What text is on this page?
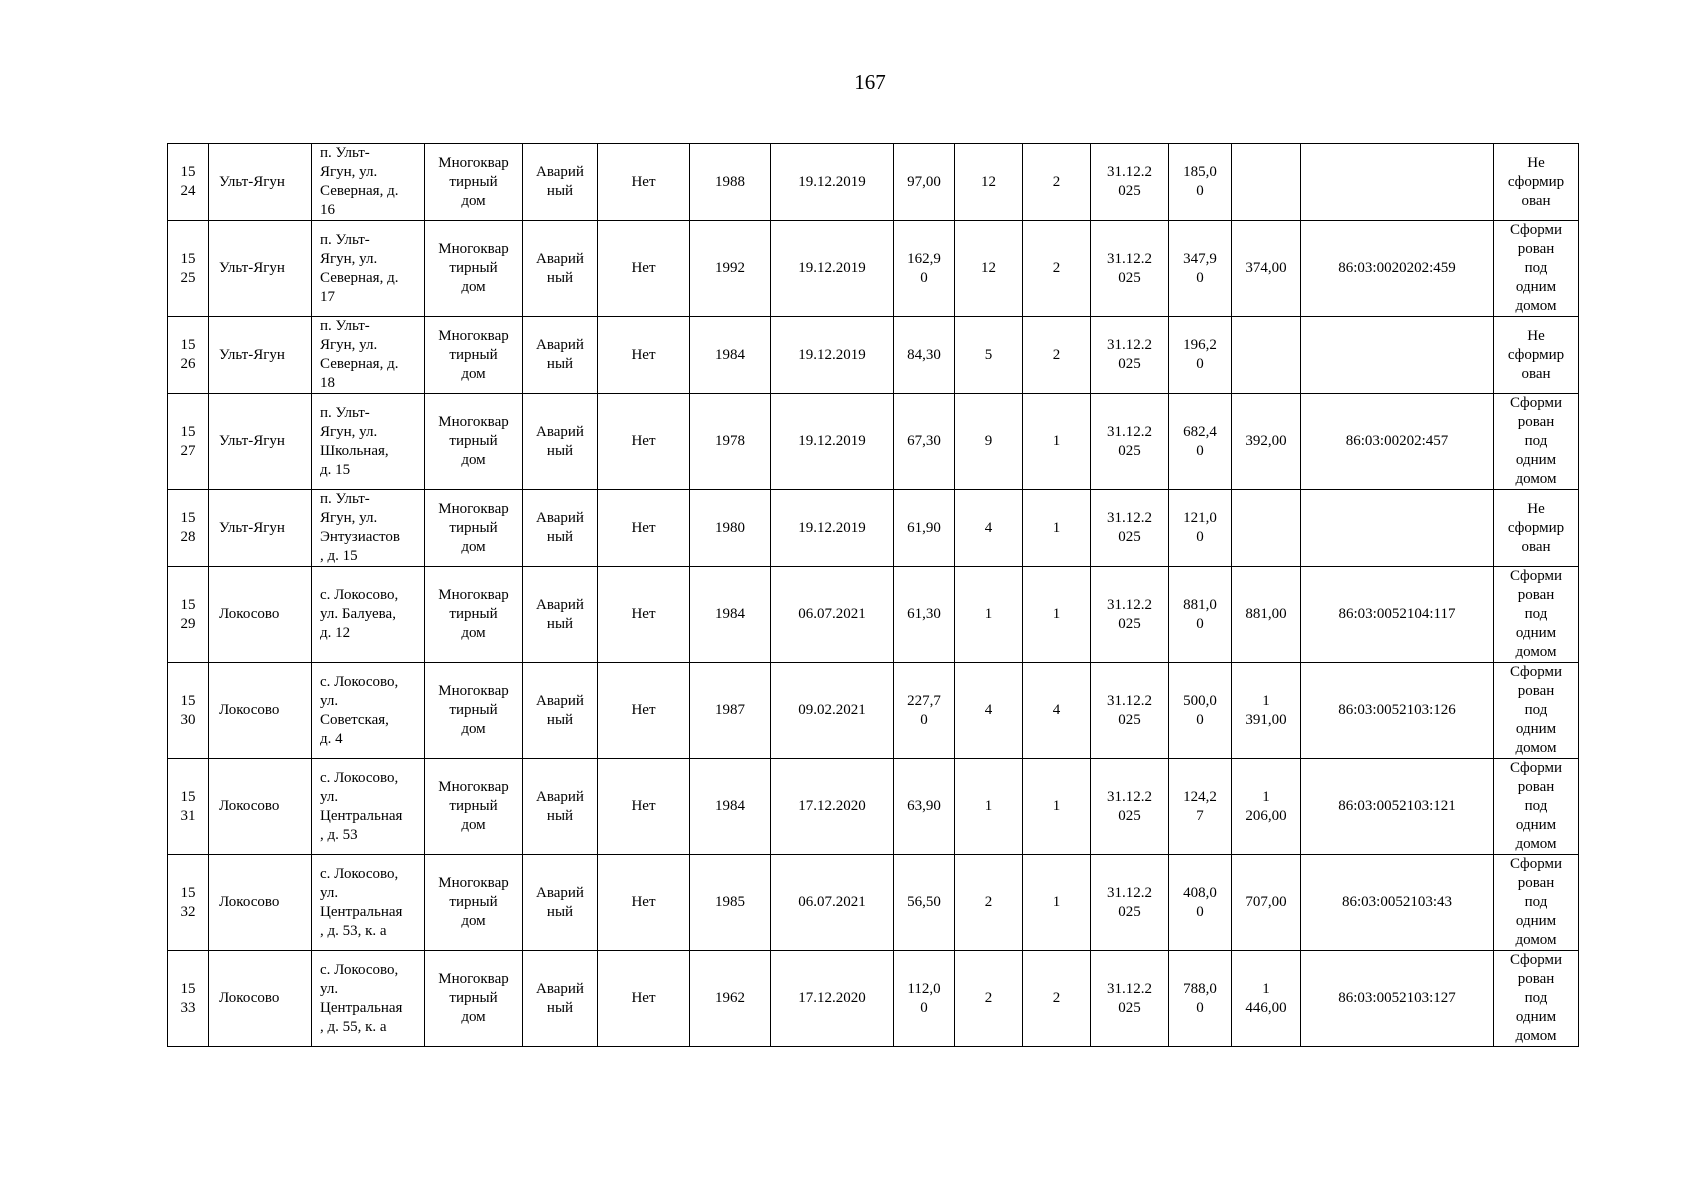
167
15
24	Ульт-Ягун	п. Ульт-
Ягун, ул.
Северная, д.
16	Многоквар
тирный
дом	Аварий
ный	Нет	1988	19.12.2019	97,00	12	2	31.12.2
025	185,0
0			Не
сформир
ован

15
25	Ульт-Ягун	п. Ульт-
Ягун, ул.
Северная, д.
17	Многоквар
тирный
дом	Аварий
ный	Нет	1992	19.12.2019	162,9
0	12	2	31.12.2
025	347,9
0	374,00	86:03:0020202:459	Сформи
рован
под
одним
домом

15
26	Ульт-Ягун	п. Ульт-
Ягун, ул.
Северная, д.
18	Многоквар
тирный
дом	Аварий
ный	Нет	1984	19.12.2019	84,30	5	2	31.12.2
025	196,2
0			Не
сформир
ован

15
27	Ульт-Ягун	п. Ульт-
Ягун, ул.
Школьная,
д. 15	Многоквар
тирный
дом	Аварий
ный	Нет	1978	19.12.2019	67,30	9	1	31.12.2
025	682,4
0	392,00	86:03:00202:457	Сформи
рован
под
одним
домом

15
28	Ульт-Ягун	п. Ульт-
Ягун, ул.
Энтузиастов
, д. 15	Многоквар
тирный
дом	Аварий
ный	Нет	1980	19.12.2019	61,90	4	1	31.12.2
025	121,0
0			Не
сформир
ован

15
29	Локосово	с. Локосово,
ул. Балуева,
д. 12	Многоквар
тирный
дом	Аварий
ный	Нет	1984	06.07.2021	61,30	1	1	31.12.2
025	881,0
0	881,00	86:03:0052104:117	Сформи
рован
под
одним
домом

15
30	Локосово	с. Локосово,
ул.
Советская,
д. 4	Многоквар
тирный
дом	Аварий
ный	Нет	1987	09.02.2021	227,7
0	4	4	31.12.2
025	500,0
0	1
391,00	86:03:0052103:126	Сформи
рован
под
одним
домом

15
31	Локосово	с. Локосово,
ул.
Центральная
, д. 53	Многоквар
тирный
дом	Аварий
ный	Нет	1984	17.12.2020	63,90	1	1	31.12.2
025	124,2
7	1
206,00	86:03:0052103:121	Сформи
рован
под
одним
домом

15
32	Локосово	с. Локосово,
ул.
Центральная
, д. 53, к. а	Многоквар
тирный
дом	Аварий
ный	Нет	1985	06.07.2021	56,50	2	1	31.12.2
025	408,0
0	707,00	86:03:0052103:43	Сформи
рован
под
одним
домом

15
33	Локосово	с. Локосово,
ул.
Центральная
, д. 55, к. а	Многоквар
тирный
дом	Аварий
ный	Нет	1962	17.12.2020	112,0
0	2	2	31.12.2
025	788,0
0	1
446,00	86:03:0052103:127	Сформи
рован
под
одним
домом
